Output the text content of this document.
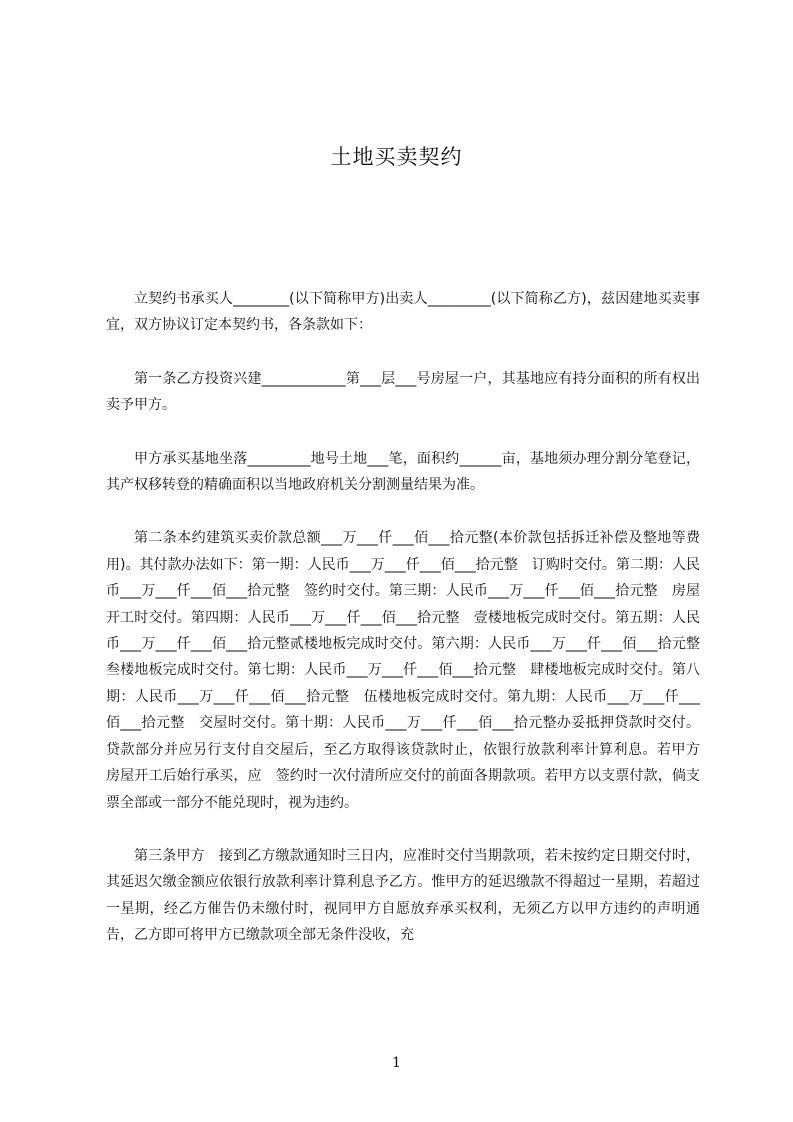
土地买卖契约

立契约书承买人________(以下简称甲方)出卖人_________(以下简称乙方)，兹因建地买卖事宜，双方协议订定本契约书，各条款如下：

第一条乙方投资兴建____________第___层___号房屋一户，其基地应有持分面积的所有权出卖予甲方。

甲方承买基地坐落_________地号土地___笔，面积约______亩，基地须办理分割分笔登记，其产权移转登的精确面积以当地政府机关分割测量结果为准。

第二条本约建筑买卖价款总额___万___仟___佰___拾元整(本价款包括拆迁补偿及整地等费用)。其付款办法如下：第一期：人民币___万___仟___佰___拾元整　订购时交付。第二期：人民币___万___仟___佰___拾元整　签约时交付。第三期：人民币___万___仟___佰___拾元整　房屋开工时交付。第四期：人民币___万___仟___佰___拾元整　壹楼地板完成时交付。第五期：人民币___万___仟___佰___拾元整贰楼地板完成时交付。第六期：人民币___万___仟___佰___拾元整　叁楼地板完成时交付。第七期：人民币___万___仟___佰___拾元整　肆楼地板完成时交付。第八期：人民币___万___仟___佰___拾元整　伍楼地板完成时交付。第九期：人民币___万___仟___佰___拾元整　交屋时交付。第十期：人民币___万___仟___佰___拾元整办妥抵押贷款时交付。贷款部分并应另行支付自交屋后，至乙方取得该贷款时止，依银行放款利率计算利息。若甲方　房屋开工后始行承买，应　签约时一次付清所应交付的前面各期款项。若甲方以支票付款，倘支票全部或一部分不能兑现时，视为违约。

第三条甲方　接到乙方缴款通知时三日内，应准时交付当期款项，若未按约定日期交付时，其延迟欠缴金额应依银行放款利率计算利息予乙方。惟甲方的延迟缴款不得超过一星期，若超过一星期，经乙方催告仍未缴付时，视同甲方自愿放弃承买权利，无须乙方以甲方违约的声明通告，乙方即可将甲方已缴款项全部无条件没收，充

1
